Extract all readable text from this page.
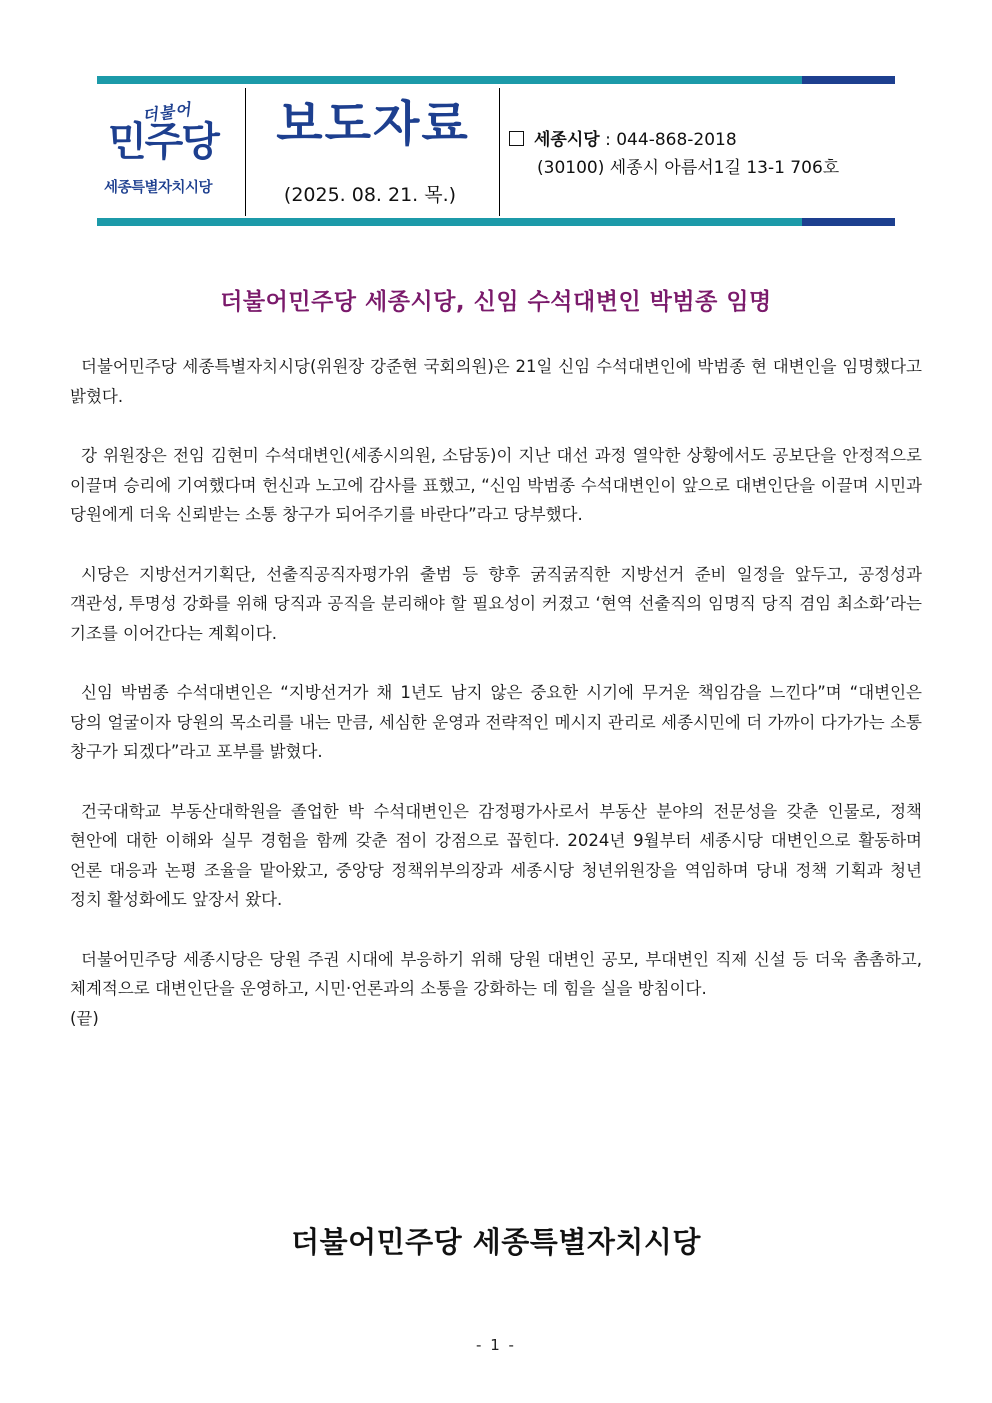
더불어
민주당
세종특별자치시당
보도자료
(2025. 08. 21. 목.)
세종시당 : 044-868-2018
(30100) 세종시 아름서1길 13-1 706호
더불어민주당 세종시당, 신임 수석대변인 박범종 임명

더불어민주당 세종특별자치시당(위원장 강준현 국회의원)은 21일 신임 수석대변인에 박범종 현 대변인을 임명했다고 밝혔다.

강 위원장은 전임 김현미 수석대변인(세종시의원, 소담동)이 지난 대선 과정 열악한 상황에서도 공보단을 안정적으로 이끌며 승리에 기여했다며 헌신과 노고에 감사를 표했고, “신임 박범종 수석대변인이 앞으로 대변인단을 이끌며 시민과 당원에게 더욱 신뢰받는 소통 창구가 되어주기를 바란다”라고 당부했다.

시당은 지방선거기획단, 선출직공직자평가위 출범 등 향후 굵직굵직한 지방선거 준비 일정을 앞두고, 공정성과 객관성, 투명성 강화를 위해 당직과 공직을 분리해야 할 필요성이 커졌고 ‘현역 선출직의 임명직 당직 겸임 최소화’라는 기조를 이어간다는 계획이다.

신임 박범종 수석대변인은 “지방선거가 채 1년도 남지 않은 중요한 시기에 무거운 책임감을 느낀다”며 “대변인은 당의 얼굴이자 당원의 목소리를 내는 만큼, 세심한 운영과 전략적인 메시지 관리로 세종시민에 더 가까이 다가가는 소통 창구가 되겠다”라고 포부를 밝혔다.

건국대학교 부동산대학원을 졸업한 박 수석대변인은 감정평가사로서 부동산 분야의 전문성을 갖춘 인물로, 정책 현안에 대한 이해와 실무 경험을 함께 갖춘 점이 강점으로 꼽힌다. 2024년 9월부터 세종시당 대변인으로 활동하며 언론 대응과 논평 조율을 맡아왔고, 중앙당 정책위부의장과 세종시당 청년위원장을 역임하며 당내 정책 기획과 청년 정치 활성화에도 앞장서 왔다.

더불어민주당 세종시당은 당원 주권 시대에 부응하기 위해 당원 대변인 공모, 부대변인 직제 신설 등 더욱 촘촘하고, 체계적으로 대변인단을 운영하고, 시민·언론과의 소통을 강화하는 데 힘을 실을 방침이다.

(끝)
더불어민주당 세종특별자치시당
- 1 -
